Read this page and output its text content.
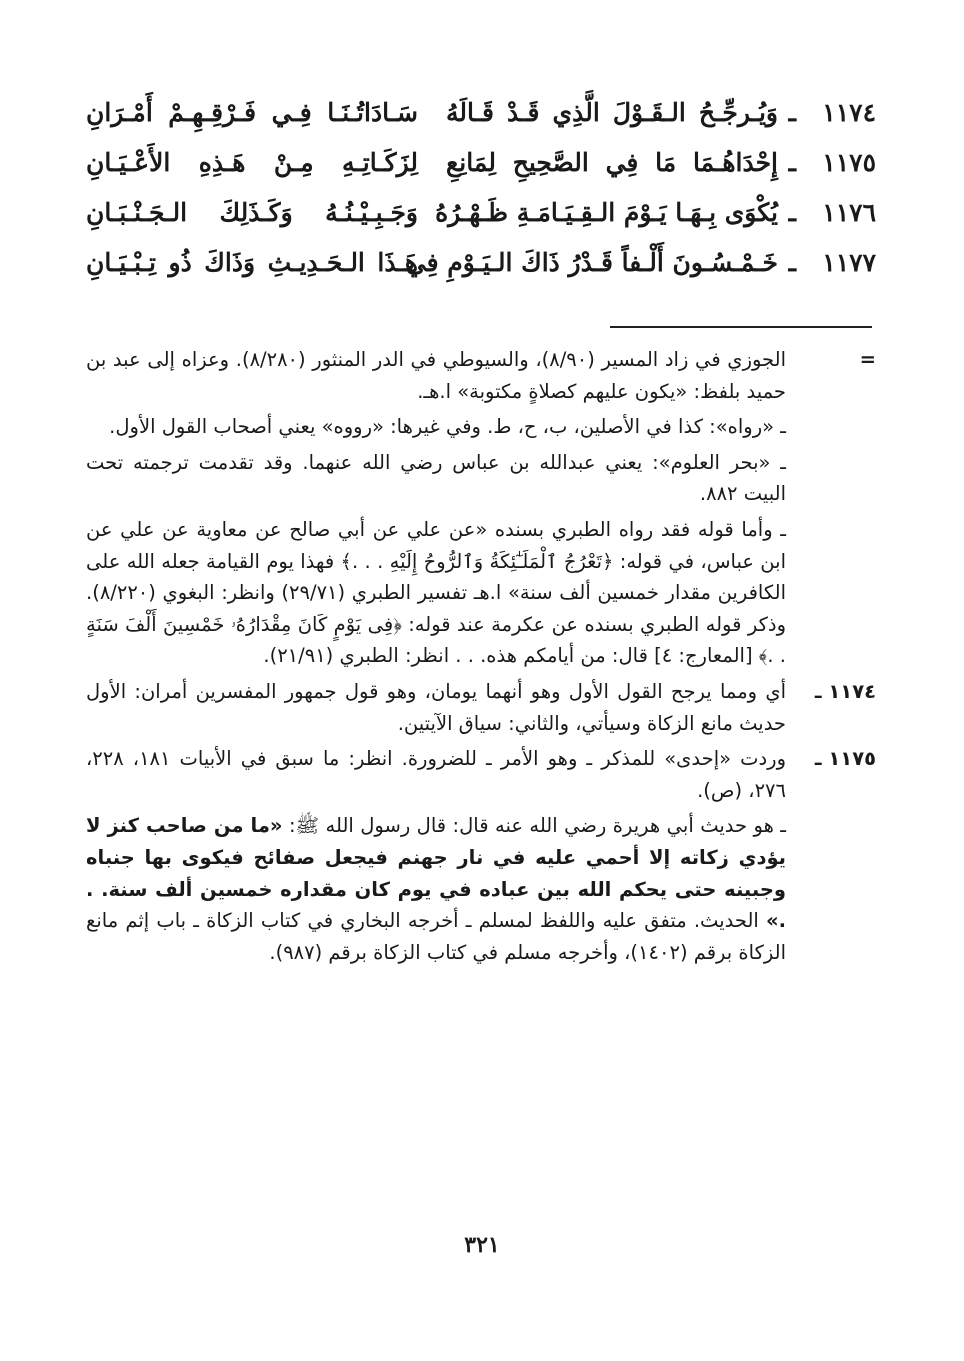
١١٧٤
ـ
وَيُـرجِّـحُ الـقَـوْلَ الَّذِي قَـدْ قَـالَهُ
سَـادَاتُـنَـا فِـي فَـرْقِـهِـمْ أَمْـرَانِ
١١٧٥
ـ
إِحْدَاهُـمَا مَا فِي الصَّحِيحِ لِمَانِعِ
لِزَكَـاتِـهِ مِـنْ هَـذِهِ الأَعْـيَـانِ
١١٧٦
ـ
يُكْوَى بِـهَـا يَـوْمَ الـقِـيَـامَـةِ ظَـهْـرُهُ
وَجَـبِـيْـنُـهُ وَكَـذَلِكَ الـجَـنْـبَـانِ
١١٧٧
ـ
خَـمْـسُـونَ أَلْـفاً قَـدْرُ ذَاكَ الـيَـوْمِ فِي
هَـذَا الـحَـدِيـثِ وَذَاكَ ذُو تِـبْـيَـانِ
=
الجوزي في زاد المسير (٨/٩٠)، والسيوطي في الدر المنثور (٨/٢٨٠). وعزاه إلى عبد بن حميد بلفظ: «يكون عليهم كصلاةٍ مكتوبة» ا.هـ.
ـ «رواه»: كذا في الأصلين، ب، ح، ط. وفي غيرها: «رووه» يعني أصحاب القول الأول.
ـ «بحر العلوم»: يعني عبدالله بن عباس رضي الله عنهما. وقد تقدمت ترجمته تحت البيت ٨٨٢.
ـ وأما قوله فقد رواه الطبري بسنده «عن علي عن أبي صالح عن معاوية عن علي عن ابن عباس، في قوله: ﴿تَعْرُجُ ٱلْمَلَـٰٓئِكَةُ وَٱلرُّوحُ إِلَيْهِ . . .﴾ فهذا يوم القيامة جعله الله على الكافرين مقدار خمسين ألف سنة» ا.هـ تفسير الطبري (٢٩/٧١) وانظر: البغوي (٨/٢٢٠). وذكر قوله الطبري بسنده عن عكرمة عند قوله: ﴿فِى يَوْمٍ كَانَ مِقْدَارُهُۥ خَمْسِينَ أَلْفَ سَنَةٍ . .﴾ [المعارج: ٤] قال: من أيامكم هذه. . . انظر: الطبري (٢١/٩١).
١١٧٤ ـ
أي ومما يرجح القول الأول وهو أنهما يومان، وهو قول جمهور المفسرين أمران: الأول حديث مانع الزكاة وسيأتي، والثاني: سياق الآيتين.
١١٧٥ ـ
وردت «إحدى» للمذكر ـ وهو الأمر ـ للضرورة. انظر: ما سبق في الأبيات ١٨١، ٢٢٨، ٢٧٦، (ص).
ـ هو حديث أبي هريرة رضي الله عنه قال: قال رسول الله ﷺ: «ما من صاحب كنز لا يؤدي زكاته إلا أحمي عليه في نار جهنم فيجعل صفائح فيكوى بها جنباه وجبينه حتى يحكم الله بين عباده في يوم كان مقداره خمسين ألف سنة. . .» الحديث. متفق عليه واللفظ لمسلم ـ أخرجه البخاري في كتاب الزكاة ـ باب إثم مانع الزكاة برقم (١٤٠٢)، وأخرجه مسلم في كتاب الزكاة برقم (٩٨٧).
٣٢١
